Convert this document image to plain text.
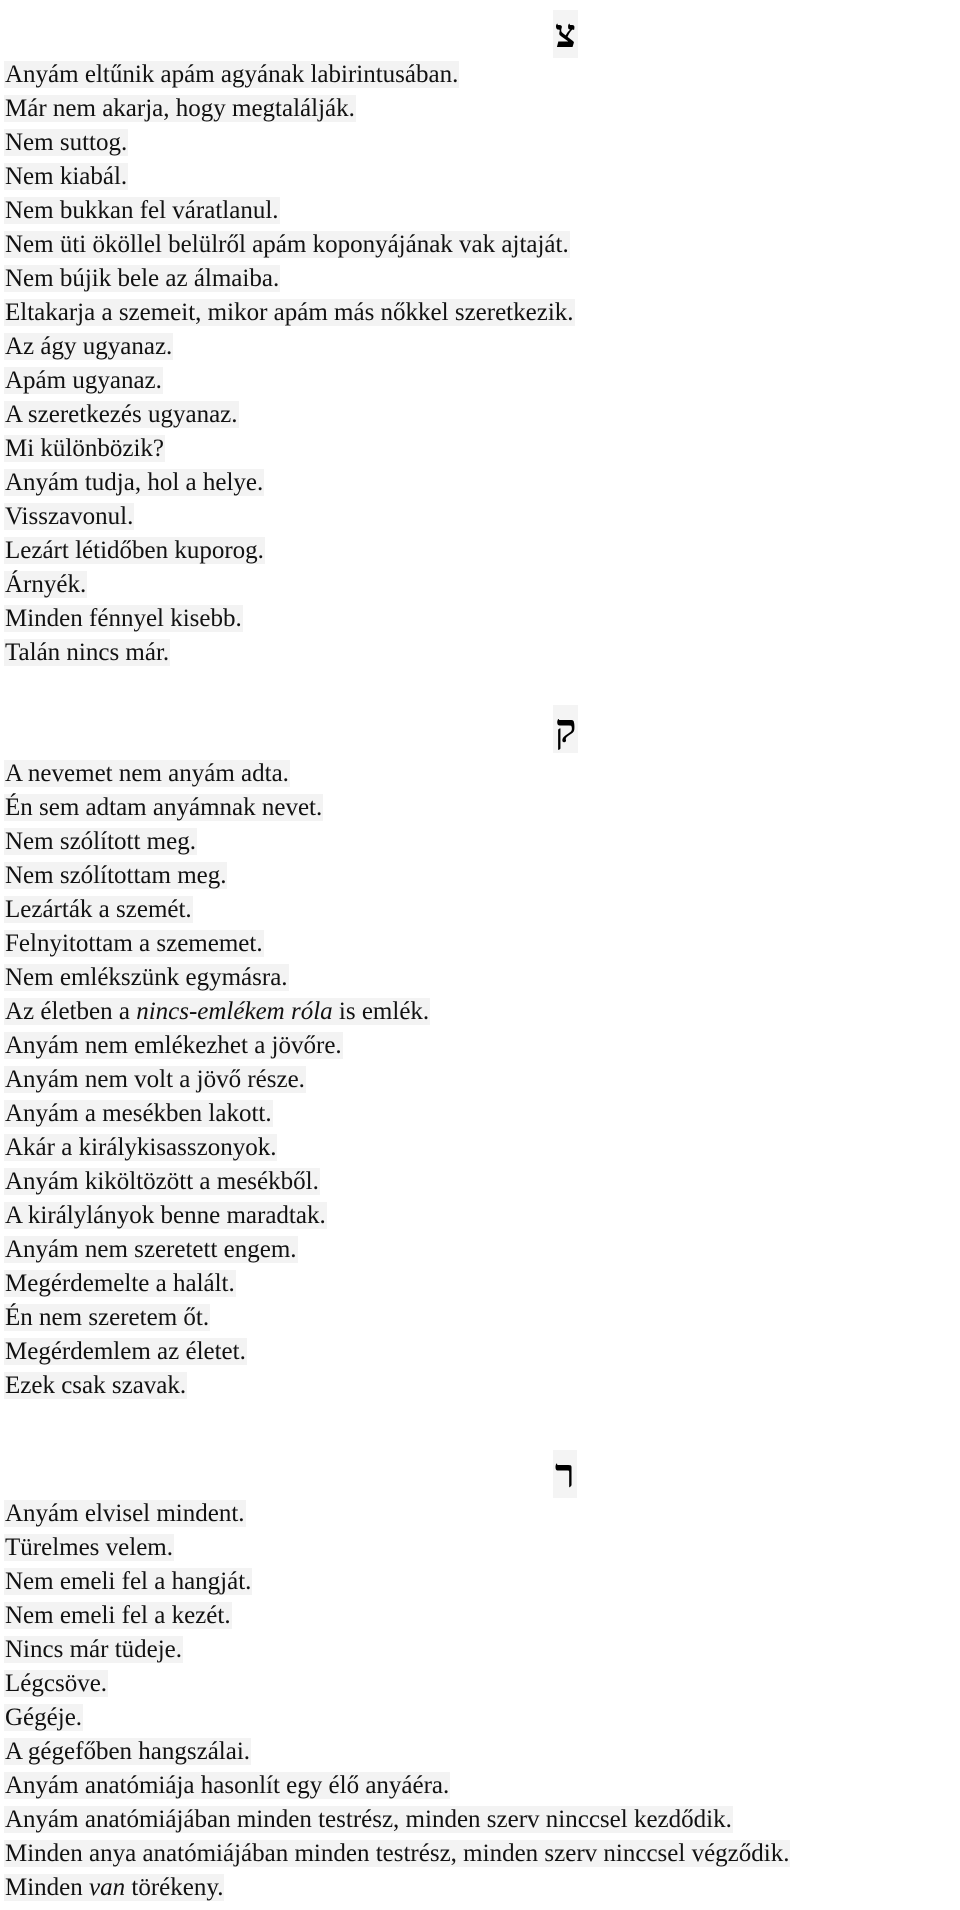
צ
Anyám eltűnik apám agyának labirintusában.
Már nem akarja, hogy megtalálják.
Nem suttog.
Nem kiabál.
Nem bukkan fel váratlanul.
Nem üti ököllel belülről apám koponyájának vak ajtaját.
Nem bújik bele az álmaiba.
Eltakarja a szemeit, mikor apám más nőkkel szeretkezik.
Az ágy ugyanaz.
Apám ugyanaz.
A szeretkezés ugyanaz.
Mi különbözik?
Anyám tudja, hol a helye.
Visszavonul.
Lezárt létidőben kuporog.
Árnyék.
Minden fénnyel kisebb.
Talán nincs már.
ק
A nevemet nem anyám adta.
Én sem adtam anyámnak nevet.
Nem szólított meg.
Nem szólítottam meg.
Lezárták a szemét.
Felnyitottam a szememet.
Nem emlékszünk egymásra.
Az életben a nincs-emlékem róla is emlék.
Anyám nem emlékezhet a jövőre.
Anyám nem volt a jövő része.
Anyám a mesékben lakott.
Akár a királykisasszonyok.
Anyám kiköltözött a mesékből.
A királylányok benne maradtak.
Anyám nem szeretett engem.
Megérdemelte a halált.
Én nem szeretem őt.
Megérdemlem az életet.
Ezek csak szavak.
ר
Anyám elvisel mindent.
Türelmes velem.
Nem emeli fel a hangját.
Nem emeli fel a kezét.
Nincs már tüdeje.
Légcsöve.
Gégéje.
A gégefőben hangszálai.
Anyám anatómiája hasonlít egy élő anyáéra.
Anyám anatómiájában minden testrész, minden szerv ninccsel kezdődik.
Minden anya anatómiájában minden testrész, minden szerv ninccsel végződik.
Minden van törékeny.
